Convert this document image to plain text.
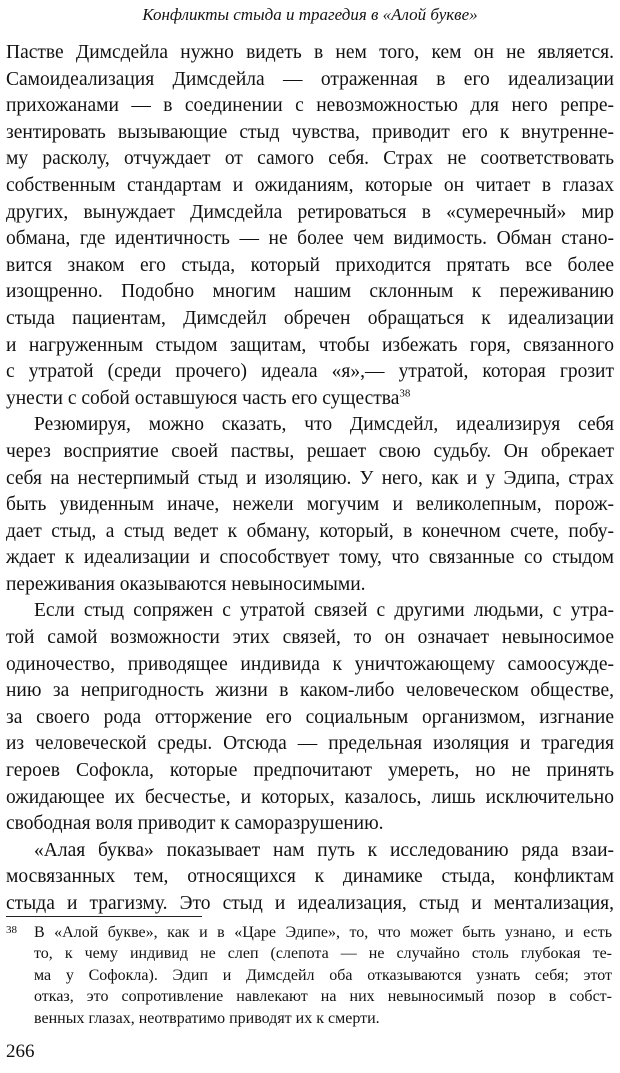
Конфликты стыда и трагедия в «Алой букве»
Пастве Димсдейла нужно видеть в нем того, кем он не является.
Самоидеализация Димсдейла — отраженная в его идеализации
прихожанами — в соединении с невозможностью для него репре-
зентировать вызывающие стыд чувства, приводит его к внутренне-
му расколу, отчуждает от самого себя. Страх не соответствовать
собственным стандартам и ожиданиям, которые он читает в глазах
других, вынуждает Димсдейла ретироваться в «сумеречный» мир
обмана, где идентичность — не более чем видимость. Обман стано-
вится знаком его стыда, который приходится прятать все более
изощренно. Подобно многим нашим склонным к переживанию
стыда пациентам, Димсдейл обречен обращаться к идеализации
и нагруженным стыдом защитам, чтобы избежать горя, связанного
с утратой (среди прочего) идеала «я»,— утратой, которая грозит
унести с собой оставшуюся часть его существа$^{38}$
Резюмируя, можно сказать, что Димсдейл, идеализируя себя
через восприятие своей паствы, решает свою судьбу. Он обрекает
себя на нестерпимый стыд и изоляцию. У него, как и у Эдипа, страх
быть увиденным иначе, нежели могучим и великолепным, порож-
дает стыд, а стыд ведет к обману, который, в конечном счете, побу-
ждает к идеализации и способствует тому, что связанные со стыдом
переживания оказываются невыносимыми.
Если стыд сопряжен с утратой связей с другими людьми, с утра-
той самой возможности этих связей, то он означает невыносимое
одиночество, приводящее индивида к уничтожающему самоосужде-
нию за непригодность жизни в каком-либо человеческом обществе,
за своего рода отторжение его социальным организмом, изгнание
из человеческой среды. Отсюда — предельная изоляция и трагедия
героев Софокла, которые предпочитают умереть, но не принять
ожидающее их бесчестье, и которых, казалось, лишь исключительно
свободная воля приводит к саморазрушению.
«Алая буква» показывает нам путь к исследованию ряда взаи-
мосвязанных тем, относящихся к динамике стыда, конфликтам
стыда и трагизму. Это стыд и идеализация, стыд и ментализация,
38 В «Алой букве», как и в «Царе Эдипе», то, что может быть узнано, и есть
то, к чему индивид не слеп (слепота — не случайно столь глубокая те-
ма у Софокла). Эдип и Димсдейл оба отказываются узнать себя; этот
отказ, это сопротивление навлекают на них невыносимый позор в собст-
венных глазах, неотвратимо приводят их к смерти.
266
